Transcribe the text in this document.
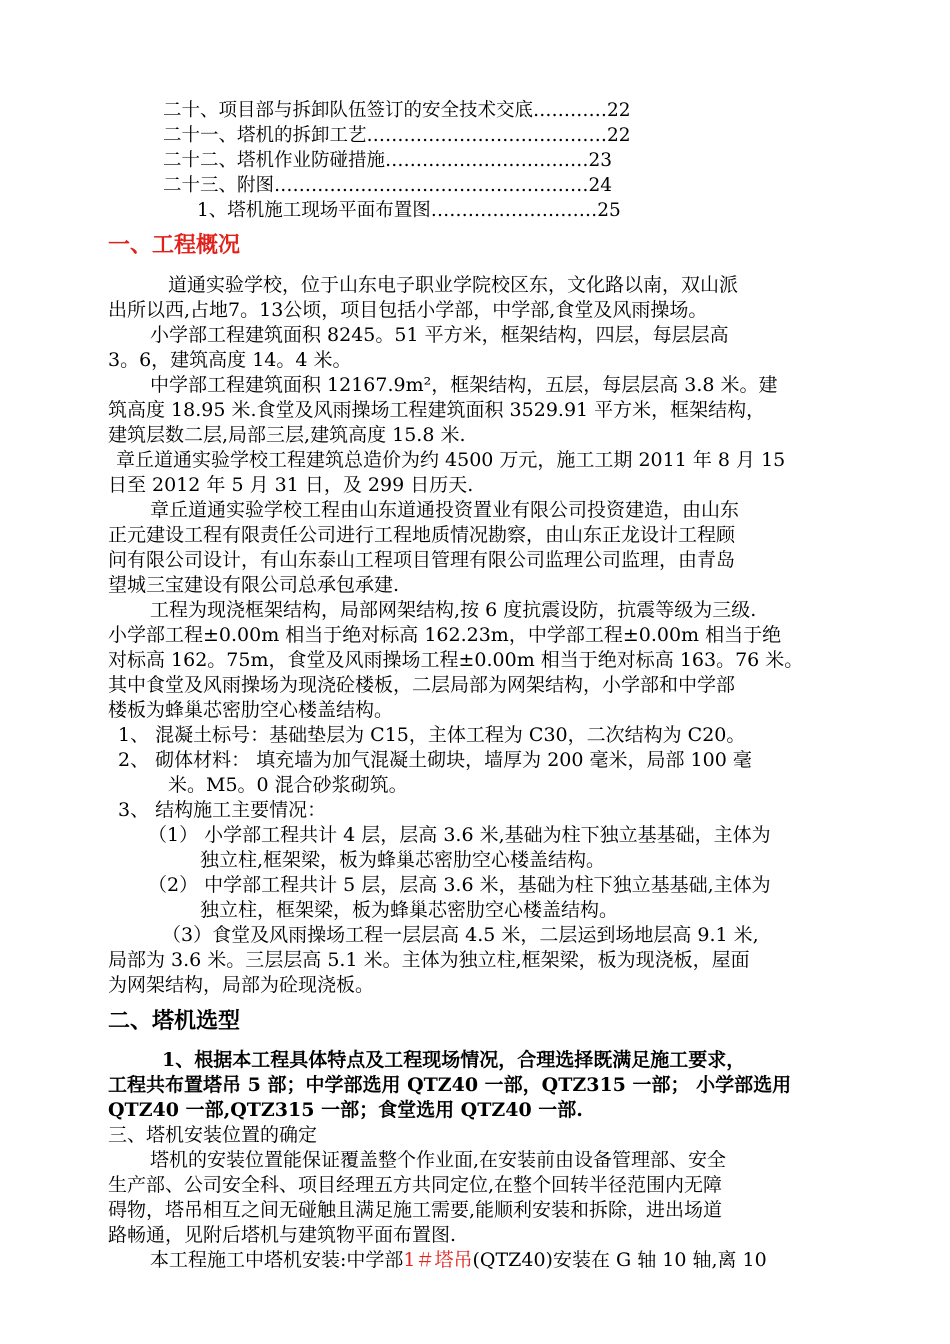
二十、项目部与拆卸队伍签订的安全技术交底…………22
二十一、塔机的拆卸工艺…………………………………22
二十二、塔机作业防碰措施……………………………23
二十三、附图……………………………………………24
1、塔机施工现场平面布置图………………………25
一、工程概况
道通实验学校，位于山东电子职业学院校区东，文化路以南，双山派
出所以西,占地7。13公顷，项目包括小学部，中学部,食堂及风雨操场。
小学部工程建筑面积 8245。51 平方米，框架结构，四层，每层层高
3。6，建筑高度 14。4 米。
中学部工程建筑面积 12167.9m²，框架结构，五层，每层层高 3.8 米。建
筑高度 18.95 米.食堂及风雨操场工程建筑面积 3529.91 平方米，框架结构，
建筑层数二层,局部三层,建筑高度 15.8 米.
章丘道通实验学校工程建筑总造价为约 4500 万元，施工工期 2011 年 8 月 15
日至 2012 年 5 月 31 日，及 299 日历天.
章丘道通实验学校工程由山东道通投资置业有限公司投资建造，由山东
正元建设工程有限责任公司进行工程地质情况勘察，由山东正龙设计工程顾
问有限公司设计，有山东泰山工程项目管理有限公司监理公司监理，由青岛
望城三宝建设有限公司总承包承建.
工程为现浇框架结构，局部网架结构,按 6 度抗震设防，抗震等级为三级.
小学部工程±0.00m 相当于绝对标高 162.23m，中学部工程±0.00m 相当于绝
对标高 162。75m，食堂及风雨操场工程±0.00m 相当于绝对标高 163。76 米。
其中食堂及风雨操场为现浇砼楼板，二层局部为网架结构，小学部和中学部
楼板为蜂巢芯密肋空心楼盖结构。
1、 混凝土标号：基础垫层为 C15，主体工程为 C30，二次结构为 C20。
2、 砌体材料： 填充墙为加气混凝土砌块，墙厚为 200 毫米，局部 100 毫
米。M5。0 混合砂浆砌筑。
3、 结构施工主要情况：
（1） 小学部工程共计 4 层，层高 3.6 米,基础为柱下独立基基础，主体为
独立柱,框架梁，板为蜂巢芯密肋空心楼盖结构。
（2） 中学部工程共计 5 层，层高 3.6 米，基础为柱下独立基基础,主体为
独立柱，框架梁，板为蜂巢芯密肋空心楼盖结构。
（3）食堂及风雨操场工程一层层高 4.5 米，二层运到场地层高 9.1 米,
局部为 3.6 米。三层层高 5.1 米。主体为独立柱,框架梁，板为现浇板，屋面
为网架结构，局部为砼现浇板。
二、塔机选型
1、根据本工程具体特点及工程现场情况，合理选择既满足施工要求，
工程共布置塔吊 5 部；中学部选用 QTZ40 一部，QTZ315 一部； 小学部选用
QTZ40 一部,QTZ315 一部；食堂选用 QTZ40 一部.
三、塔机安装位置的确定
塔机的安装位置能保证覆盖整个作业面,在安装前由设备管理部、安全
生产部、公司安全科、项目经理五方共同定位,在整个回转半径范围内无障
碍物，塔吊相互之间无碰触且满足施工需要,能顺利安装和拆除，进出场道
路畅通，见附后塔机与建筑物平面布置图.
本工程施工中塔机安装:中学部1＃塔吊(QTZ40)安装在 G 轴 10 轴,离 10
